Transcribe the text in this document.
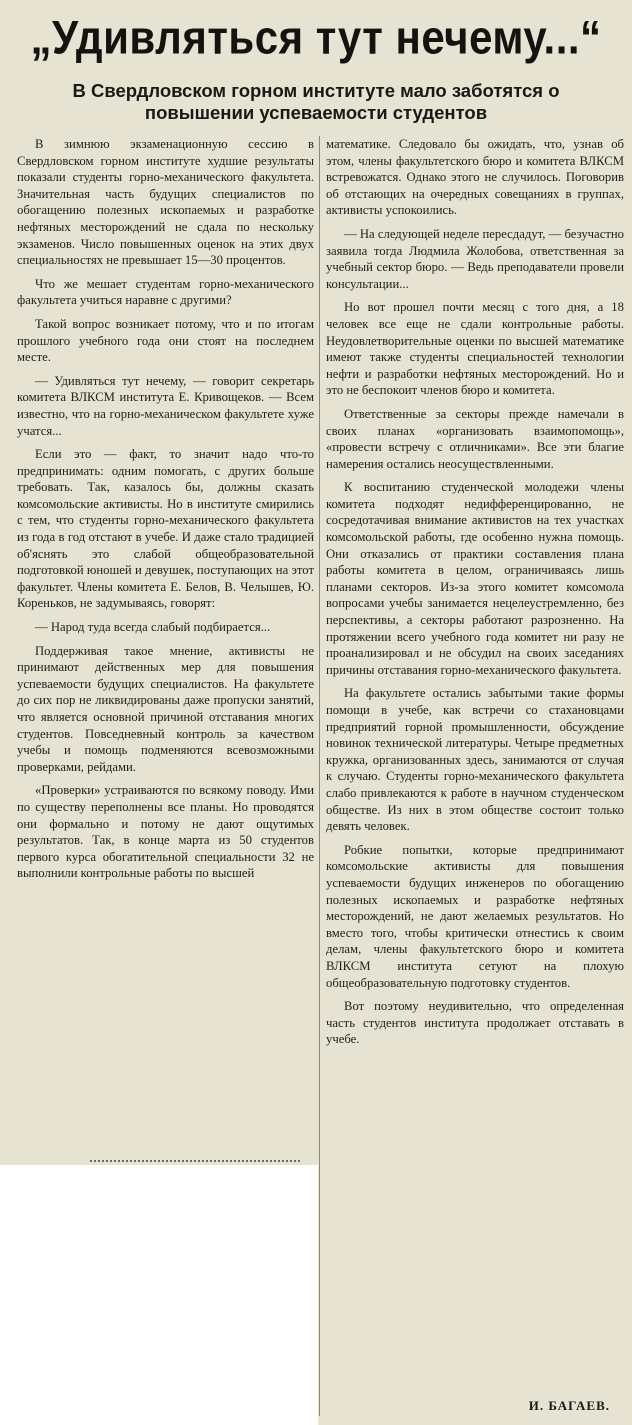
„Удивляться тут нечему...“
В Свердловском горном институте мало заботятся о повышении успеваемости студентов

В зимнюю экзаменационную сессию в Свердловском горном институте худшие результаты показали студенты горно-механического факультета. Значительная часть будущих специалистов по обогащению полезных ископаемых и разработке нефтяных месторождений не сдала по нескольку экзаменов. Число повышенных оценок на этих двух специальностях не превышает 15—30 процентов.

Что же мешает студентам горно-механического факультета учиться наравне с другими?

Такой вопрос возникает потому, что и по итогам прошлого учебного года они стоят на последнем месте.

— Удивляться тут нечему, — говорит секретарь комитета ВЛКСМ института Е. Кривощеков. — Всем известно, что на горно-механическом факультете хуже учатся...

Если это — факт, то значит надо что-то предпринимать: одним помогать, с других больше требовать. Так, казалось бы, должны сказать комсомольские активисты. Но в институте смирились с тем, что студенты горно-механического факультета из года в год отстают в учебе. И даже стало традицией об'яснять это слабой общеобразовательной подготовкой юношей и девушек, поступающих на этот факультет. Члены комитета Е. Белов, В. Челышев, Ю. Кореньков, не задумываясь, говорят:

— Народ туда всегда слабый подбирается...

Поддерживая такое мнение, активисты не принимают действенных мер для повышения успеваемости будущих специалистов. На факультете до сих пор не ликвидированы даже пропуски занятий, что является основной причиной отставания многих студентов. Повседневный контроль за качеством учебы и помощь подменяются всевозможными проверками, рейдами.

«Проверки» устраиваются по всякому поводу. Ими по существу переполнены все планы. Но проводятся они формально и потому не дают ощутимых результатов. Так, в конце марта из 50 студентов первого курса обогатительной специальности 32 не выполнили контрольные работы по высшей

математике. Следовало бы ожидать, что, узнав об этом, члены факультетского бюро и комитета ВЛКСМ встревожатся. Однако этого не случилось. Поговорив об отстающих на очередных совещаниях в группах, активисты успокоились.

— На следующей неделе пересдадут, — безучастно заявила тогда Людмила Жолобова, ответственная за учебный сектор бюро. — Ведь преподаватели провели консультации...

Но вот прошел почти месяц с того дня, а 18 человек все еще не сдали контрольные работы. Неудовлетворительные оценки по высшей математике имеют также студенты специальностей технологии нефти и разработки нефтяных месторождений. Но и это не беспокоит членов бюро и комитета.

Ответственные за секторы прежде намечали в своих планах «организовать взаимопомощь», «провести встречу с отличниками». Все эти благие намерения остались неосуществленными.

К воспитанию студенческой молодежи члены комитета подходят недифференцированно, не сосредотачивая внимание активистов на тех участках комсомольской работы, где особенно нужна помощь. Они отказались от практики составления плана работы комитета в целом, ограничиваясь лишь планами секторов. Из-за этого комитет комсомола вопросами учебы занимается нецелеустремленно, без перспективы, а секторы работают разрозненно. На протяжении всего учебного года комитет ни разу не проанализировал и не обсудил на своих заседаниях причины отставания горно-механического факультета.

На факультете остались забытыми такие формы помощи в учебе, как встречи со стахановцами предприятий горной промышленности, обсуждение новинок технической литературы. Четыре предметных кружка, организованных здесь, занимаются от случая к случаю. Студенты горно-механического факультета слабо привлекаются к работе в научном студенческом обществе. Из них в этом обществе состоит только девять человек.

Робкие попытки, которые предпринимают комсомольские активисты для повышения успеваемости будущих инженеров по обогащению полезных ископаемых и разработке нефтяных месторождений, не дают желаемых результатов. Но вместо того, чтобы критически отнестись к своим делам, члены факультетского бюро и комитета ВЛКСМ института сетуют на плохую общеобразовательную подготовку студентов.

Вот поэтому неудивительно, что определенная часть студентов института продолжает отставать в учебе.

И. БАГАЕВ.
